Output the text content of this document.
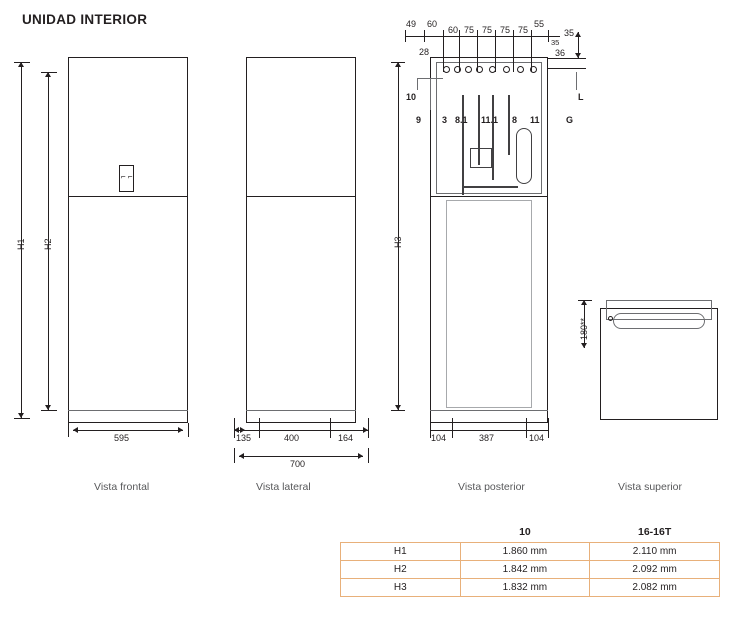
UNIDAD INTERIOR
⌐ ⌐
H1 H2
595
Vista frontal
135	400	164
700
Vista lateral
49 60
60 75 75 75 75
55
28
35
35
36
10
9 3 8.1 11.1 8 11	G
L
H3
104	387	104
Vista posterior
180**
Vista superior
	10	16-16T
H1	1.860 mm	2.110 mm
H2	1.842 mm	2.092 mm
H3	1.832 mm	2.082 mm
